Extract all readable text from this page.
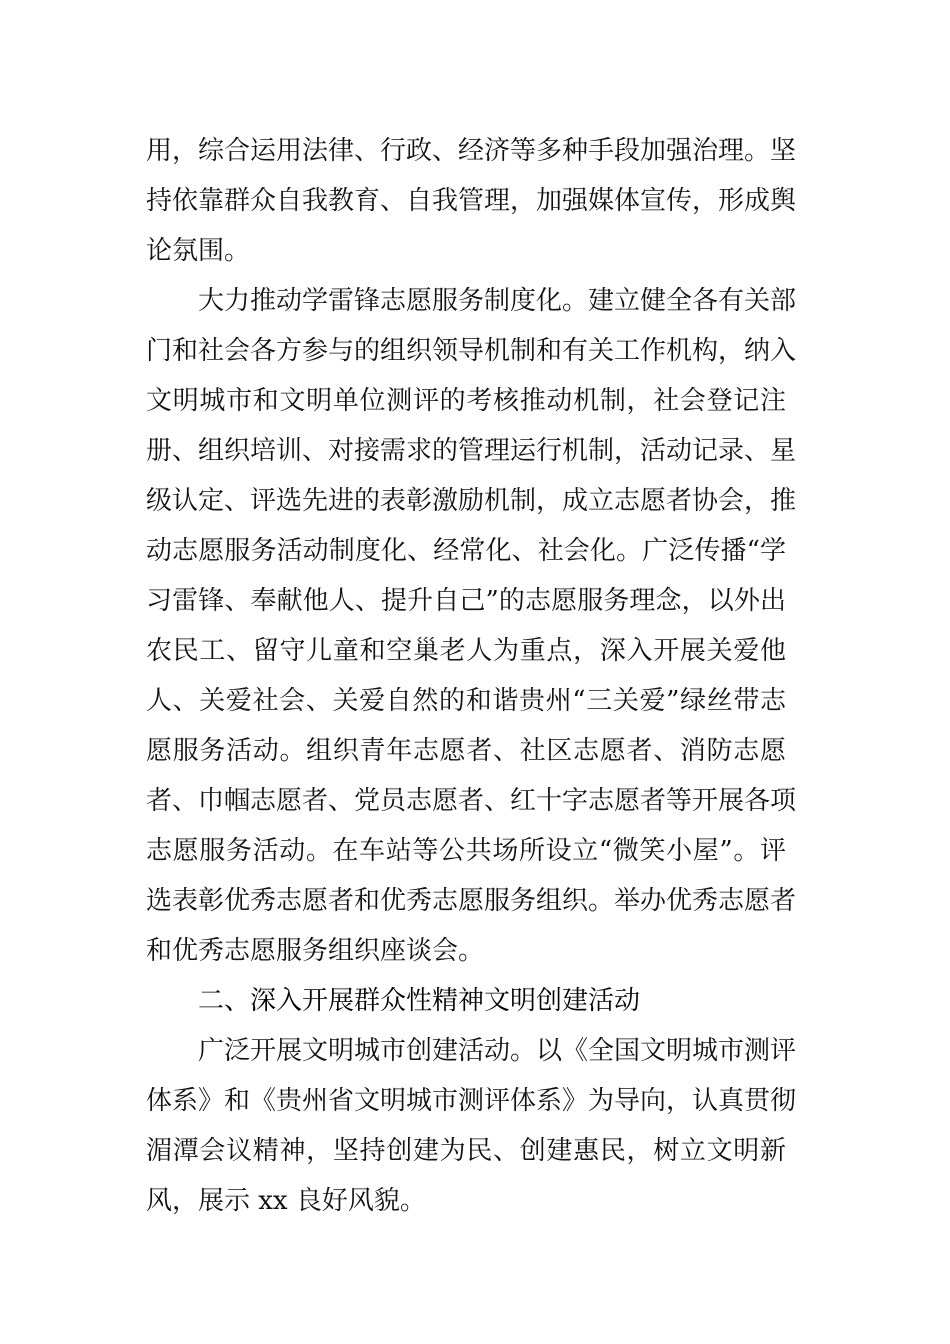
用，综合运用法律、行政、经济等多种手段加强治理。坚
持依靠群众自我教育、自我管理，加强媒体宣传，形成舆
论氛围。
大力推动学雷锋志愿服务制度化。建立健全各有关部
门和社会各方参与的组织领导机制和有关工作机构，纳入
文明城市和文明单位测评的考核推动机制，社会登记注
册、组织培训、对接需求的管理运行机制，活动记录、星
级认定、评选先进的表彰激励机制，成立志愿者协会，推
动志愿服务活动制度化、经常化、社会化。广泛传播“学
习雷锋、奉献他人、提升自己”的志愿服务理念，以外出
农民工、留守儿童和空巢老人为重点，深入开展关爱他
人、关爱社会、关爱自然的和谐贵州“三关爱”绿丝带志
愿服务活动。组织青年志愿者、社区志愿者、消防志愿
者、巾帼志愿者、党员志愿者、红十字志愿者等开展各项
志愿服务活动。在车站等公共场所设立“微笑小屋”。评
选表彰优秀志愿者和优秀志愿服务组织。举办优秀志愿者
和优秀志愿服务组织座谈会。
二、深入开展群众性精神文明创建活动
广泛开展文明城市创建活动。以《全国文明城市测评
体系》和《贵州省文明城市测评体系》为导向，认真贯彻
湄潭会议精神，坚持创建为民、创建惠民，树立文明新
风，展示 xx 良好风貌。
